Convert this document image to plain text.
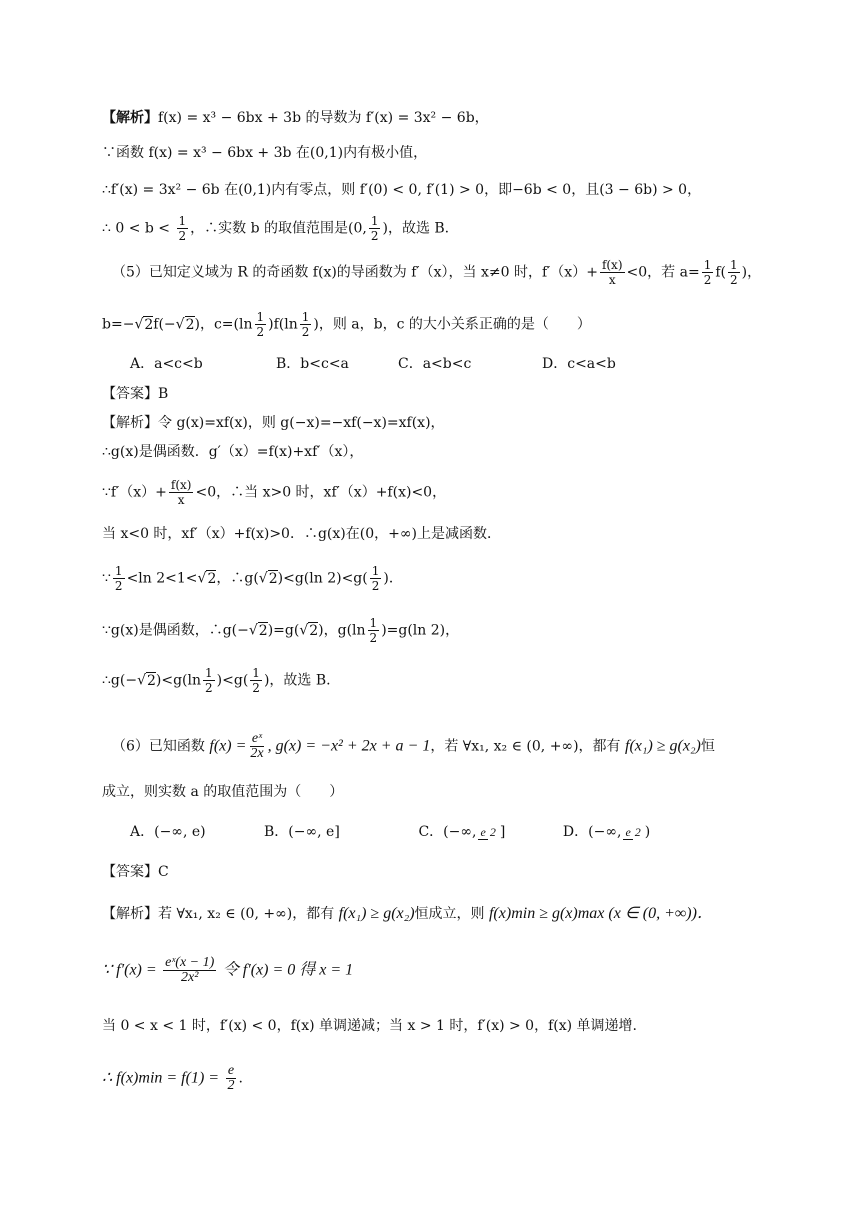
【解析】f(x) = x³ − 6bx + 3b 的导数为 f′(x) = 3x² − 6b，
∵函数 f(x) = x³ − 6bx + 3b 在(0,1)内有极小值，
∴f′(x) = 3x² − 6b 在(0,1)内有零点，则 f′(0) < 0, f′(1) > 0，即−6b < 0，且(3 − 6b) > 0，
∴ $0 < b < \frac{1}{2}$ ，∴实数 b 的取值范围是(0, $\frac{1}{2}$ )，故选 B.
（5）已知定义域为 R 的奇函数 f(x)的导函数为 f′（x），当 x≠0 时，$f'(x)+ \frac{f(x)}{x} <0$，若 $a= \frac{1}{2} f( \frac{1}{2}$ )，
b=−√2f(−√2)，$c=(\ln \frac{1}{2} )f(\ln \frac{1}{2}$ )，则 a，b，c 的大小关系正确的是（　　）
A．a<c<b	B．b<c<a	C．a<b<c	D．c<a<b
【答案】B
【解析】令 g(x)=xf(x)，则 g(−x)=−xf(−x)=xf(x)，
∴g(x)是偶函数．g′（x）=f(x)+xf′（x），
∵f′（x）+ $\frac{f(x)}{x} <0$，∴当 x>0 时，xf′（x）+f(x)<0，
当 x<0 时，xf′（x）+f(x)>0．∴g(x)在(0，+∞)上是减函数．
∵ $\frac{1}{2} <\ln$ 2<1<√2，∴g(√2)<g(ln $2)<g( \frac{1}{2}$ )．
∵g(x)是偶函数，∴g(−√2)=g(√2)，$g(\ln \frac{1}{2} )=g(\ln$ 2)，
∴g(−√2)<g(ln $\frac{1}{2} )<g( \frac{1}{2}$ )，故选 B.
（6）已知函数 $f(x) = \frac{\text{eˣ}}{2x}$ , g(x) = −x² + 2x + a − 1，若 ∀x₁, x₂ ∈ (0, +∞)，都有 f(x₁) ≥ g(x₂)恒
成立，则实数 a 的取值范围为（　　）
A．(−∞, e)	B．(−∞, e]	C．(−∞, e 2 ]	D．(−∞, e 2 )
【答案】C
【解析】若 ∀x₁, x₂ ∈ (0, +∞)，都有 f(x₁) ≥ g(x₂)恒成立，则 f(x)min ≥ g(x)max (x ∈ (0, +∞))．
∵ $f'(x) = \frac{\text{eˣ(x − 1)}}{\text{2x²}}$ 令 f′(x) = 0 得 x = 1
当 0 < x < 1 时，f′(x) < 0，f(x) 单调递减；当 x > 1 时，f′(x) > 0，f(x) 单调递增.
∴ $f(x)\min = f(1) = \frac{e}{2}$ .
